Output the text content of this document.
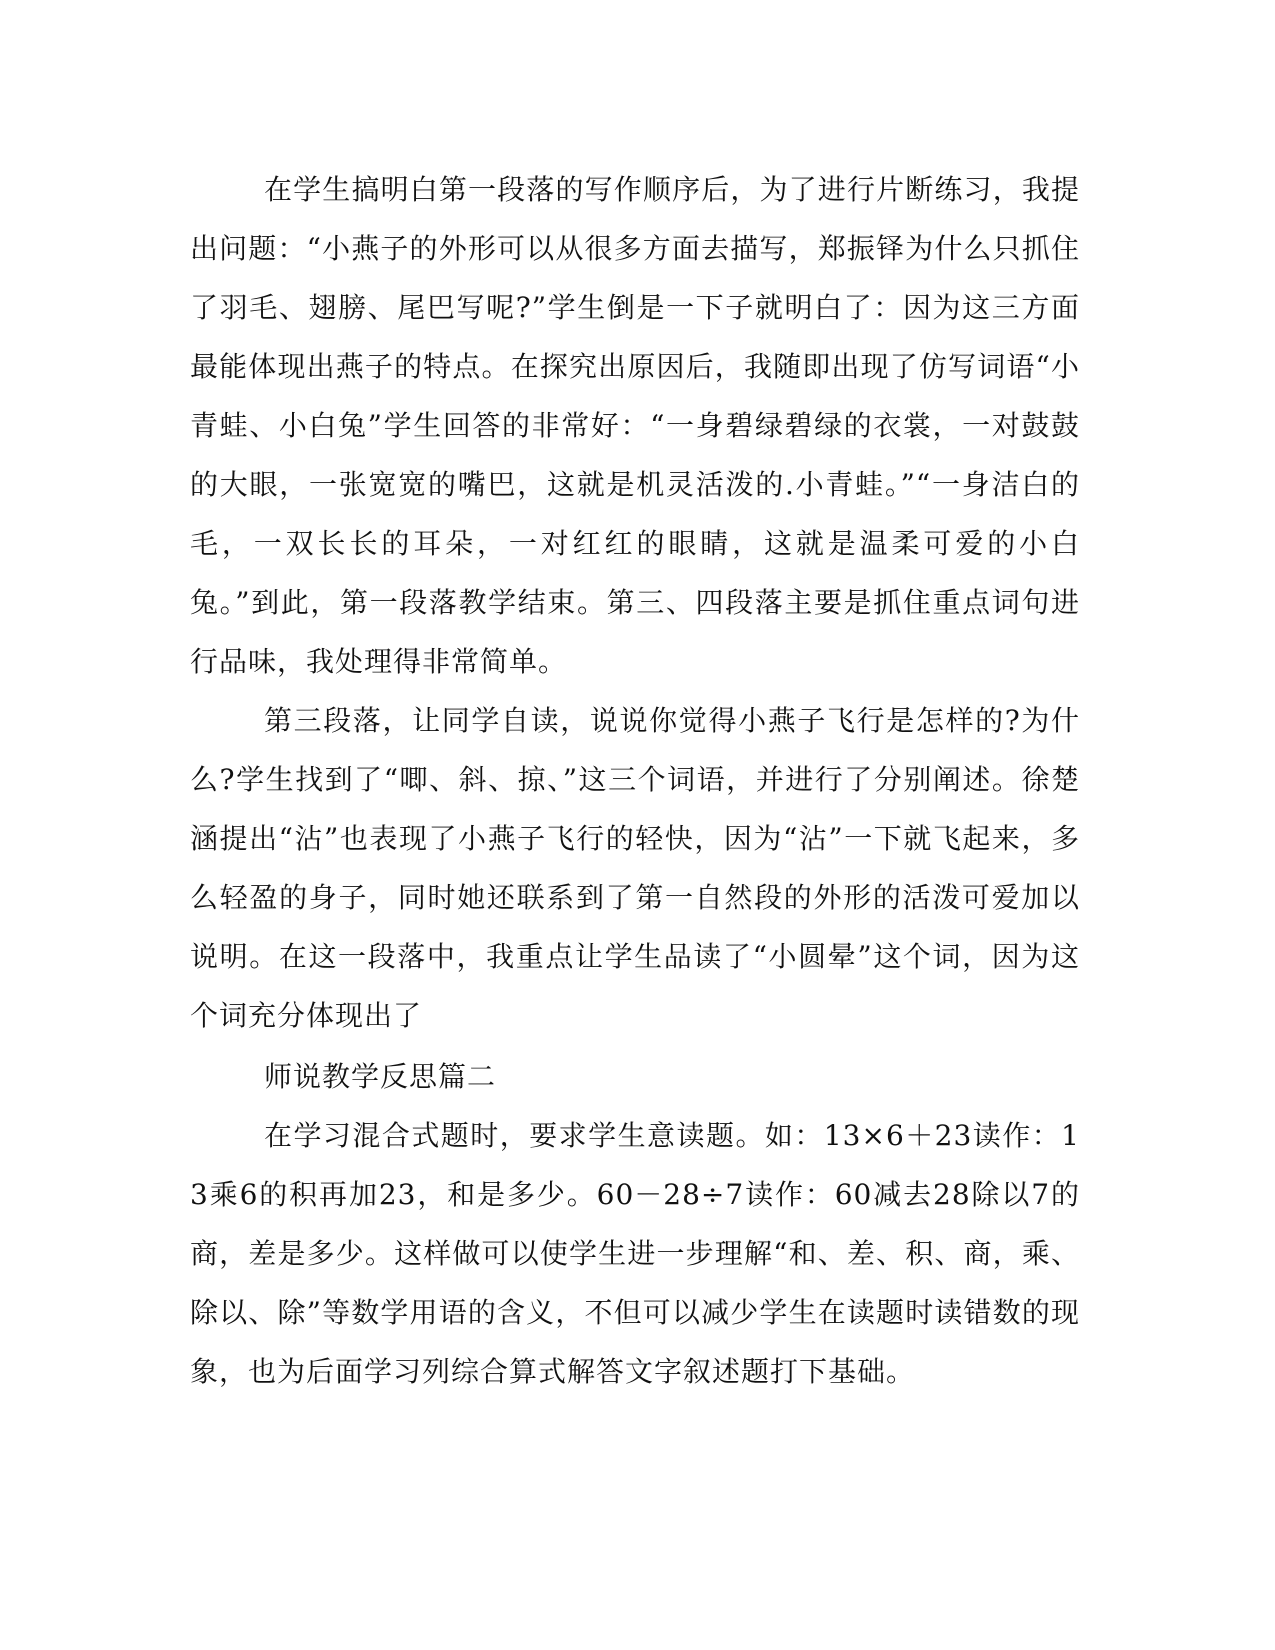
在学生搞明白第一段落的写作顺序后，为了进行片断练习，我提出问题：“小燕子的外形可以从很多方面去描写，郑振铎为什么只抓住了羽毛、翅膀、尾巴写呢?”学生倒是一下子就明白了：因为这三方面最能体现出燕子的特点。在探究出原因后，我随即出现了仿写词语“小青蛙、小白兔”学生回答的非常好：“一身碧绿碧绿的衣裳，一对鼓鼓的大眼，一张宽宽的嘴巴，这就是机灵活泼的.小青蛙。”“一身洁白的毛，一双长长的耳朵，一对红红的眼睛，这就是温柔可爱的小白兔。”到此，第一段落教学结束。第三、四段落主要是抓住重点词句进行品味，我处理得非常简单。

第三段落，让同学自读，说说你觉得小燕子飞行是怎样的?为什么?学生找到了“唧、斜、掠、”这三个词语，并进行了分别阐述。徐楚涵提出“沾”也表现了小燕子飞行的轻快，因为“沾”一下就飞起来，多么轻盈的身子，同时她还联系到了第一自然段的外形的活泼可爱加以说明。在这一段落中，我重点让学生品读了“小圆晕”这个词，因为这个词充分体现出了

师说教学反思篇二

在学习混合式题时，要求学生意读题。如：13×6＋23读作：13乘6的积再加23，和是多少。60－28÷7读作：60减去28除以7的商，差是多少。这样做可以使学生进一步理解“和、差、积、商，乘、除以、除”等数学用语的含义，不但可以减少学生在读题时读错数的现象，也为后面学习列综合算式解答文字叙述题打下基础。
